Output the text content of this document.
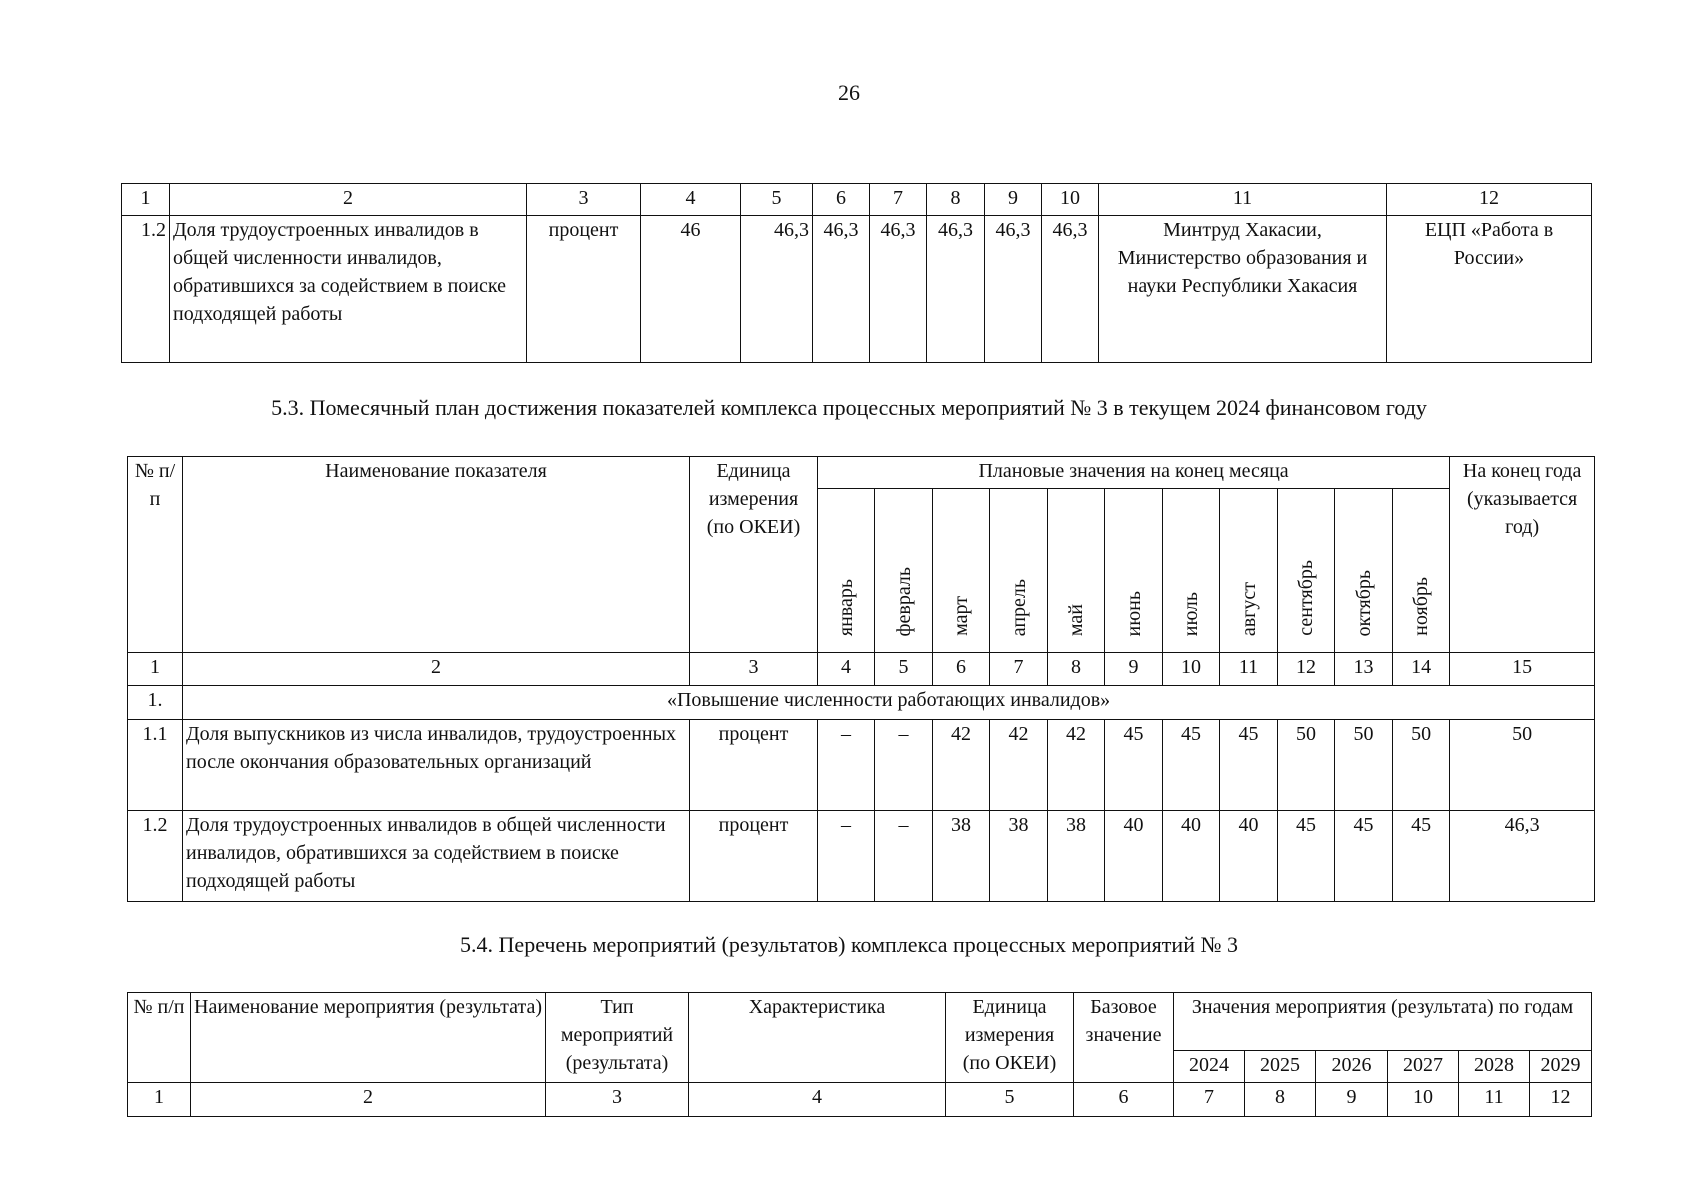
26
1	2	3	4	5	6	7	8	9	10	11	12
1.2	Доля трудоустроенных инвалидов в общей численности инвалидов, обратившихся за содействием в поиске подходящей работы	процент	46	46,3	46,3	46,3	46,3	46,3	46,3	Минтруд Хакасии, Министерство образования и науки Республики Хакасия	ЕЦП «Работа в России»
5.3. Помесячный план достижения показателей комплекса процессных мероприятий № 3 в текущем 2024 финансовом году
№ п/п	Наименование показателя	Единица измерения (по ОКЕИ)	Плановые значения на конец месяца											На конец года (указывается год)
			январь	февраль	март	апрель	май	июнь	июль	август	сентябрь	октябрь	ноябрь	
1	2	3	4	5	6	7	8	9	10	11	12	13	14	15
1.	«Повышение численности работающих инвалидов»													
1.1	Доля выпускников из числа инвалидов, трудоустроенных после окончания образовательных организаций	процент	–	–	42	42	42	45	45	45	50	50	50	50
1.2	Доля трудоустроенных инвалидов в общей численности инвалидов, обратившихся за содействием в поиске подходящей работы	процент	–	–	38	38	38	40	40	40	45	45	45	46,3
5.4. Перечень мероприятий (результатов) комплекса процессных мероприятий № 3
№ п/п	Наименование мероприятия (результата)	Тип мероприятий (результата)	Характеристика	Единица измерения (по ОКЕИ)	Базовое значение	Значения мероприятия (результата) по годам					
						2024	2025	2026	2027	2028	2029
1	2	3	4	5	6	7	8	9	10	11	12
